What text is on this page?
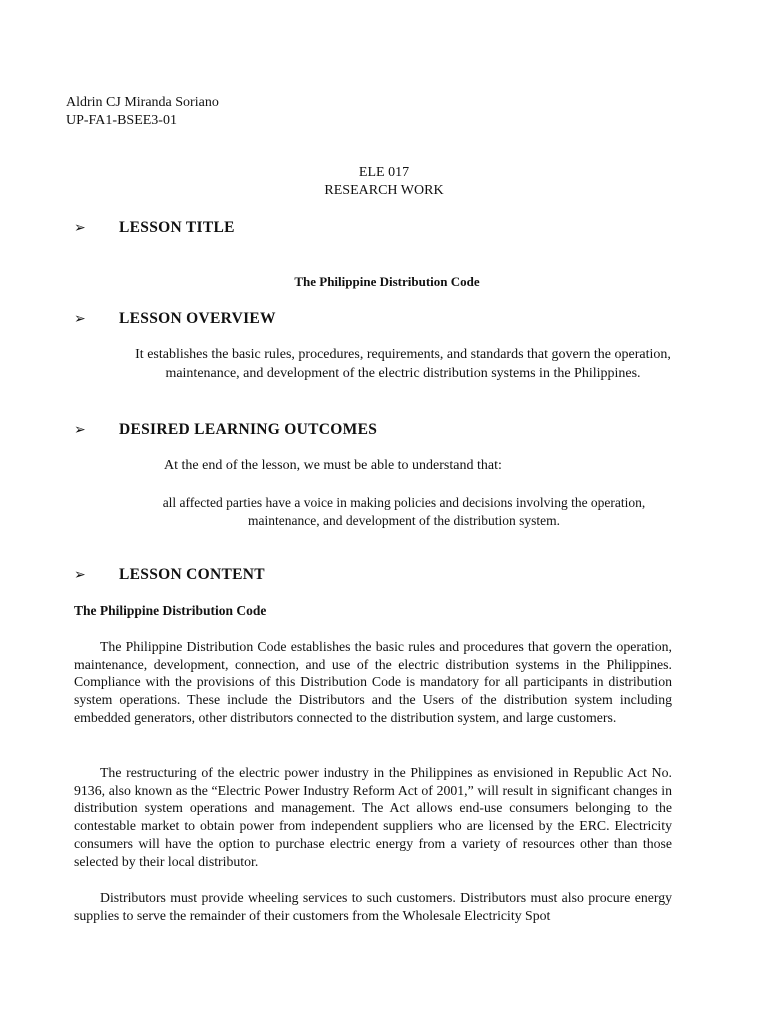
Aldrin CJ Miranda Soriano
UP-FA1-BSEE3-01
ELE 017
RESEARCH WORK
➢	LESSON TITLE
The Philippine Distribution Code
➢	LESSON OVERVIEW
It establishes the basic rules, procedures, requirements, and standards that govern the operation, maintenance, and development of the electric distribution systems in the Philippines.
➢	DESIRED LEARNING OUTCOMES
At the end of the lesson, we must be able to understand that:
all affected parties have a voice in making policies and decisions involving the operation, maintenance, and development of the distribution system.
➢	LESSON CONTENT
The Philippine Distribution Code
The Philippine Distribution Code establishes the basic rules and procedures that govern the operation, maintenance, development, connection, and use of the electric distribution systems in the Philippines. Compliance with the provisions of this Distribution Code is mandatory for all participants in distribution system operations. These include the Distributors and the Users of the distribution system including embedded generators, other distributors connected to the distribution system, and large customers.
The restructuring of the electric power industry in the Philippines as envisioned in Republic Act No. 9136, also known as the “Electric Power Industry Reform Act of 2001,” will result in significant changes in distribution system operations and management. The Act allows end-use consumers belonging to the contestable market to obtain power from independent suppliers who are licensed by the ERC. Electricity consumers will have the option to purchase electric energy from a variety of resources other than those selected by their local distributor.
Distributors must provide wheeling services to such customers. Distributors must also procure energy supplies to serve the remainder of their customers from the Wholesale Electricity Spot
